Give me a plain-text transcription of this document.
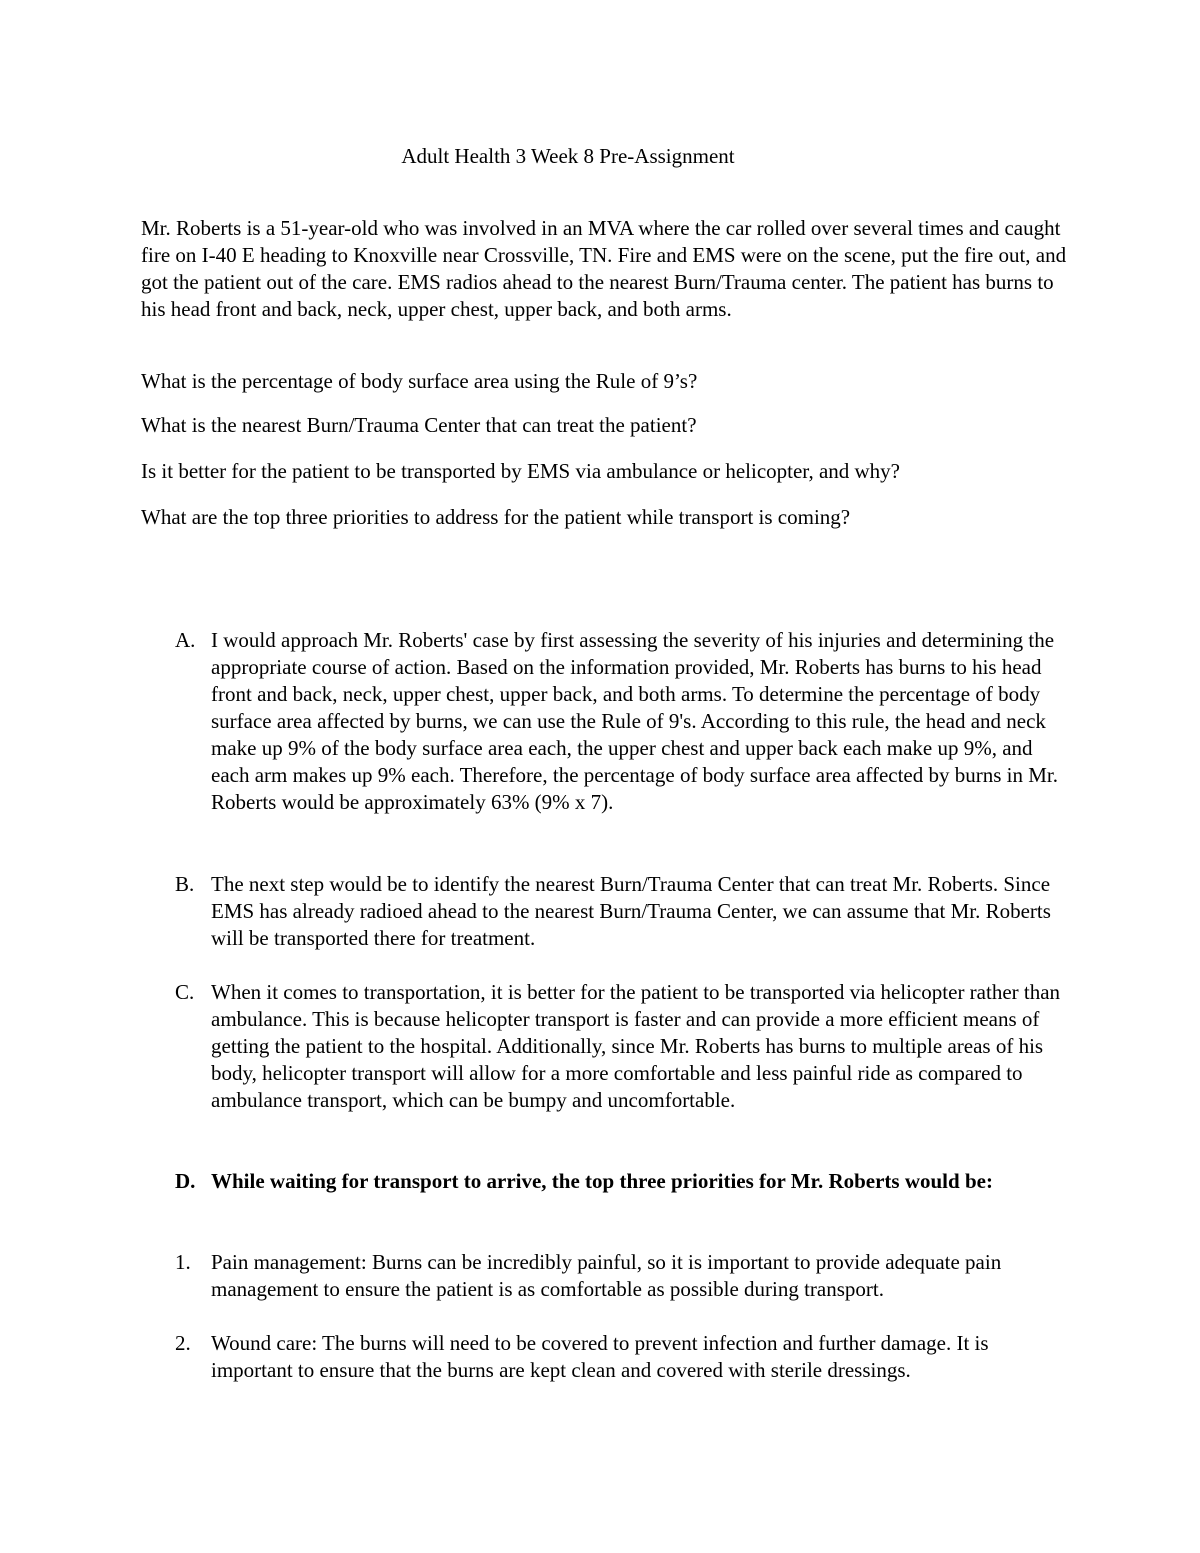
Adult Health 3 Week 8 Pre-Assignment

Mr. Roberts is a 51-year-old who was involved in an MVA where the car rolled over several times and caught fire on I-40 E heading to Knoxville near Crossville, TN. Fire and EMS were on the scene, put the fire out, and got the patient out of the care. EMS radios ahead to the nearest Burn/Trauma center. The patient has burns to his head front and back, neck, upper chest, upper back, and both arms.

What is the percentage of body surface area using the Rule of 9’s?

What is the nearest Burn/Trauma Center that can treat the patient?

Is it better for the patient to be transported by EMS via ambulance or helicopter, and why?

What are the top three priorities to address for the patient while transport is coming?

A. I would approach Mr. Roberts' case by first assessing the severity of his injuries and determining the appropriate course of action. Based on the information provided, Mr. Roberts has burns to his head front and back, neck, upper chest, upper back, and both arms. To determine the percentage of body surface area affected by burns, we can use the Rule of 9's. According to this rule, the head and neck make up 9% of the body surface area each, the upper chest and upper back each make up 9%, and each arm makes up 9% each. Therefore, the percentage of body surface area affected by burns in Mr. Roberts would be approximately 63% (9% x 7).
B. The next step would be to identify the nearest Burn/Trauma Center that can treat Mr. Roberts. Since EMS has already radioed ahead to the nearest Burn/Trauma Center, we can assume that Mr. Roberts will be transported there for treatment.
C. When it comes to transportation, it is better for the patient to be transported via helicopter rather than ambulance. This is because helicopter transport is faster and can provide a more efficient means of getting the patient to the hospital. Additionally, since Mr. Roberts has burns to multiple areas of his body, helicopter transport will allow for a more comfortable and less painful ride as compared to ambulance transport, which can be bumpy and uncomfortable.
D. While waiting for transport to arrive, the top three priorities for Mr. Roberts would be:
1. Pain management: Burns can be incredibly painful, so it is important to provide adequate pain management to ensure the patient is as comfortable as possible during transport.
2. Wound care: The burns will need to be covered to prevent infection and further damage. It is important to ensure that the burns are kept clean and covered with sterile dressings.
